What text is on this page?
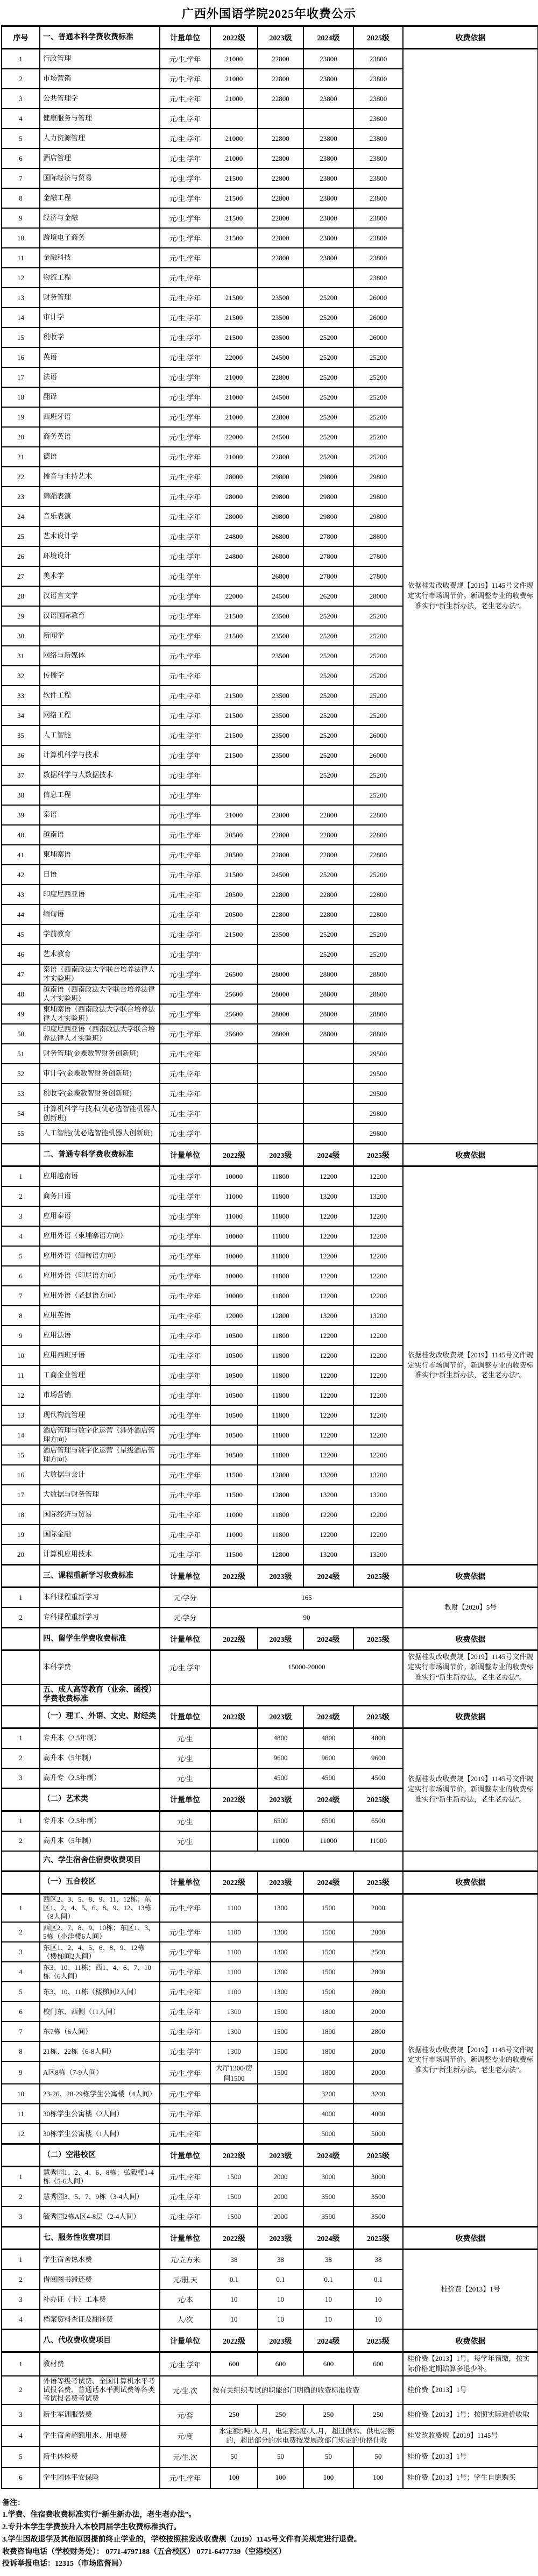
广西外国语学院2025年收费公示
序号	一、普通本科学费收费标准	计量单位	2022级	2023级	2024级	2025级	收费依据
1	行政管理	元/生.学年	21000	22800	23800	23800	依据桂发改收费规【2019】1145号文件规定实行市场调节价。新调整专业的收费标准实行“新生新办法，老生老办法”。
2	市场营销	元/生.学年	21000	22800	23800	23800	
3	公共管理学	元/生.学年	21000	22800	23800	23800	
4	健康服务与管理	元/生.学年				23800	
5	人力资源管理	元/生.学年	21000	22800	23800	23800	
6	酒店管理	元/生.学年	21000	22800	23800	23800	
7	国际经济与贸易	元/生.学年	21500	22800	23800	23800	
8	金融工程	元/生.学年	21500	22800	23800	23800	
9	经济与金融	元/生.学年	21500	22800	23800	23800	
10	跨境电子商务	元/生.学年	21500	22800	23800	23800	
11	金融科技	元/生.学年		22800	23800	23800	
12	物流工程	元/生.学年				23800	
13	财务管理	元/生.学年	21500	23500	25200	26000	
14	审计学	元/生.学年	21500	23500	25200	26000	
15	税收学	元/生.学年	21500	23500	25200	26000	
16	英语	元/生.学年	22000	24500	25200	25200	
17	法语	元/生.学年	21000	22800	25200	25200	
18	翻译	元/生.学年	21000	24500	25200	25200	
19	西班牙语	元/生.学年	21000	22800	25200	25200	
20	商务英语	元/生.学年	22000	24500	25200	25200	
21	德语	元/生.学年	21000	22800	25200	25200	
22	播音与主持艺术	元/生.学年	28000	29800	29800	29800	
23	舞蹈表演	元/生.学年	28000	29800	29800	29800	
24	音乐表演	元/生.学年	28000	29800	29800	29800	
25	艺术设计学	元/生.学年	24800	26800	27800	28800	
26	环境设计	元/生.学年	24800	26800	27800	27800	
27	美术学	元/生.学年		26800	27800	27800	
28	汉语言文学	元/生.学年	22000	24500	26200	28000	
29	汉语国际教育	元/生.学年	21500	23500	25200	25200	
30	新闻学	元/生.学年	21500	23500	25200	25200	
31	网络与新媒体	元/生.学年		23500	25200	25200	
32	传播学	元/生.学年			25200	25200	
33	软件工程	元/生.学年	21500	23500	25200	25200	
34	网络工程	元/生.学年	21500	23500	25200	25200	
35	人工智能	元/生.学年	21500	23500	25200	26000	
36	计算机科学与技术	元/生.学年	21500	23500	25200	26000	
37	数据科学与大数据技术	元/生.学年			25200	25200	
38	信息工程	元/生.学年				25200	
39	泰语	元/生.学年	21000	22800	22800	22800	
40	越南语	元/生.学年	20500	22800	22800	22800	
41	柬埔寨语	元/生.学年	20500	22800	22800	22800	
42	日语	元/生.学年	21500	24500	25200	25200	
43	印度尼西亚语	元/生.学年	20500	22800	22800	22800	
44	缅甸语	元/生.学年	20500	22800	22800	22800	
45	学前教育	元/生.学年	21500	23500	25200	25200	
46	艺术教育	元/生.学年			25200	25200	
47	泰语（西南政法大学联合培养法律人才实验班）	元/生.学年	26500	28000	28800	28800	
48	越南语（西南政法大学联合培养法律人才实验班）	元/生.学年	25600	28000	28800	28800	
49	柬埔寨语（西南政法大学联合培养法律人才实验班）	元/生.学年	25600	28000	28800	28800	
50	印度尼西亚语（西南政法大学联合培养法律人才实验班）	元/生.学年	25600	28000	28800	28800	
51	财务管理(金蝶数智财务创新班)	元/生.学年				29500	
52	审计学(金蝶数智财务创新班)	元/生.学年				29500	
53	税收学(金蝶数智财务创新班)	元/生.学年				29500	
54	计算机科学与技术(优必选智能机器人创新班)	元/生.学年				29800	
55	人工智能(优必选智能机器人创新班)	元/生.学年				29800	
	二、普通专科学费收费标准	计量单位	2022级	2023级	2024级	2025级	收费依据
1	应用越南语	元/生.学年	10000	11800	12200	12200	依据桂发改收费规【2019】1145号文件规定实行市场调节价。新调整专业的收费标准实行“新生新办法，老生老办法”。
2	商务日语	元/生.学年	11000	11800	13200	13200	
3	应用泰语	元/生.学年	11000	11800	12200	12200	
4	应用外语（柬埔寨语方向）	元/生.学年	10000	11800	12200	12200	
5	应用外语（缅甸语方向）	元/生.学年	10000	11800	12200	12200	
6	应用外语（印尼语方向）	元/生.学年	10000	11800	12200	12200	
7	应用外语（老挝语方向）	元/生.学年	10000	11800	12200	12200	
8	应用英语	元/生.学年	12000	12800	13200	13200	
9	应用法语	元/生.学年	10500	11800	12200	12200	
10	应用西班牙语	元/生.学年	10500	11800	12200	12200	
11	工商企业管理	元/生.学年	10500	11800	12200	12200	
12	市场营销	元/生.学年	10500	11800	12200	12200	
13	现代物流管理	元/生.学年	10500	11800	12200	12200	
14	酒店管理与数字化运营（涉外酒店管理方向）	元/生.学年	10500	11800	12200	12200	
15	酒店管理与数字化运营（星级酒店管理方向）	元/生.学年	10500	11800	12200	12200	
16	大数据与会计	元/生.学年	11500	12800	13200	13200	
17	大数据与财务管理	元/生.学年	11500	12800	13200	13200	
18	国际经济与贸易	元/生.学年	11000	11800	12200	12200	
19	国际金融	元/生.学年	11000	11800	12200	12200	
20	计算机应用技术	元/生.学年	11500	12800	13200	13200	
	三、课程重新学习收费标准	计量单位	2022级	2023级	2024级	2025级	收费依据
1	本科课程重新学习	元/学分	165				教财【2020】5号
2	专科课程重新学习	元/学分	90				
	四、留学生学费收费标准	计量单位	2022级	2023级	2024级	2025级	收费依据
	本科学费	元/生.学年	15000-20000				依据桂发改收费规【2019】1145号文件规定实行市场调节价。新调整专业的收费标准实行“新生新办法，老生老办法”。
	五、成人高等教育（业余、函授）学费收费标准						
	（一）理工、外语、文史、财经类	计量单位	2022级	2023级	2024级	2025级	收费依据
1	专升本（2.5年制）	元/生		4800	4800	4800	依据桂发改收费规【2019】1145号文件规定实行市场调节价。新调整专业的收费标准实行“新生新办法，老生老办法”。
2	高升本（5年制）	元/生		9600	9600	9600	
3	高升专（2.5年制）	元/生		4500	4500	4500	
	（二）艺术类	计量单位	2022级	2023级	2024级	2025级	
1	专升本（2.5年制）	元/生		6500	6500	6500	
2	高升本（5年制）	元/生		11000	11000	11000	
	六、学生宿舍住宿费收费项目						
	（一）五合校区	计量单位	2022级	2023级	2024级	2025级	收费依据
1	西区2、3、5、8、9、11、12栋；东区1、2、4、5、6、8、9、12、13栋（8人间）	元/生.学年	1100	1300	1500	2000	依据桂发改收费规【2019】1145号文件规定实行市场调节价。新调整专业的收费标准实行“新生新办法，老生老办法”。
2	西区2、7、8、9、10栋；东区1、3、5栋（小洋楼6人间）	元/生.学年	1100	1300	1500	2000	
3	东区1、2、4、5、6、8、9、12栋（楼梯间2人间）	元/生.学年	1100	1300	1500	2500	
4	东3、10、11栋；西1、4、6、7、10栋（6人间）	元/生.学年	1100	1300	1500	2800	
5	东3、10、11栋（楼梯间2人间）	元/生.学年	1100	1300	1500	2800	
6	校门东、西侧（11人间）	元/生.学年	1300	1500	1800	2000	
7	东7栋（6人间）	元/生.学年	1300	1500	1800	2800	
8	21栋、22栋（6-8人间）	元/生.学年	1300	1500	1800	2000	
9	A区8栋（7-9人间）	元/生.学年	大厅1300/房间1500	1500	1800	2000	
10	23-26、28-29栋学生公寓楼（4人间）	元/生.学年			3200	3200	
11	30栋学生公寓楼（2人间）	元/生.学年			4000	4000	
12	30栋学生公寓楼（1人间）	元/生.学年			5000	5000	
	（二）空港校区	计量单位	2022级	2023级	2024级	2025级	
1	慧秀园1、2、4、6、8栋；弘毅楼1-4栋（5-6人间）	元/生.学年	1500	2000	3000	3000	
2	慧秀园3、5、7、9栋（3-4人间）	元/生.学年	1500	2000	3500	3500	
3	毓秀园2栋A区4-8层（2-4人间）	元/生.学年	1500	2000	3500	3500	
	七、服务性收费项目	计量单位	2022级	2023级	2024级	2025级	收费依据
1	学生宿舍热水费	元/立方米	38	38	38	38	桂价费【2013】1号
2	借阅图书滞还费	元/册.天	0.1	0.1	0.1	0.1	
3	补办证（卡）工本费	元/本	10	10	10	10	
4	档案资料查证及翻译费	人/次	10	10	10	10	
	八、代收费收费项目	计量单位	2022级	2023级	2024级	2025级	收费依据
1	教材费	元/生.学年	600	600	600	600	桂价费【2013】1号。每学年预缴，按实际价格定期结算多退少补。
2	外语等级考试费、全国计算机水平考试报名费、普通话水平测试费等各类考试报名费考试费	元/生.次	按有关组织考试的职能部门明确的收费标准收费				桂价费【2013】1号
3	新生军训服装费	元/套	250	250	250	250	桂价费【2013】1号；按照实际进价收取
4	学生宿舍超额用水、用电费	元/度	水定额5吨/人.月，电定额5度/人.月，超过供水、供电定额的，超出部分的水电费按发展改部门规定的价格计收				桂发改收费规【2019】1145号
5	新生体检费	元/生.次	50	50	50	50	桂价费【2013】1号
6	学生团体平安保险	元/生.学年	100	100	100	100	桂价费【2013】1号；学生自愿购买
备注：
1.学费、住宿费收费标准实行“新生新办法，老生老办法”。
2.专升本学生学费按升入本校同届学生收费标准执行。
3.学生因故退学及其他原因提前终止学业的，学校按照桂发改收费规（2019）1145号文件有关规定进行退费。
收费咨询电话（学校财务处）： 0771-4797188（五合校区） 0771-6477739（空港校区）
投诉举报电话：12315（市场监督局）
